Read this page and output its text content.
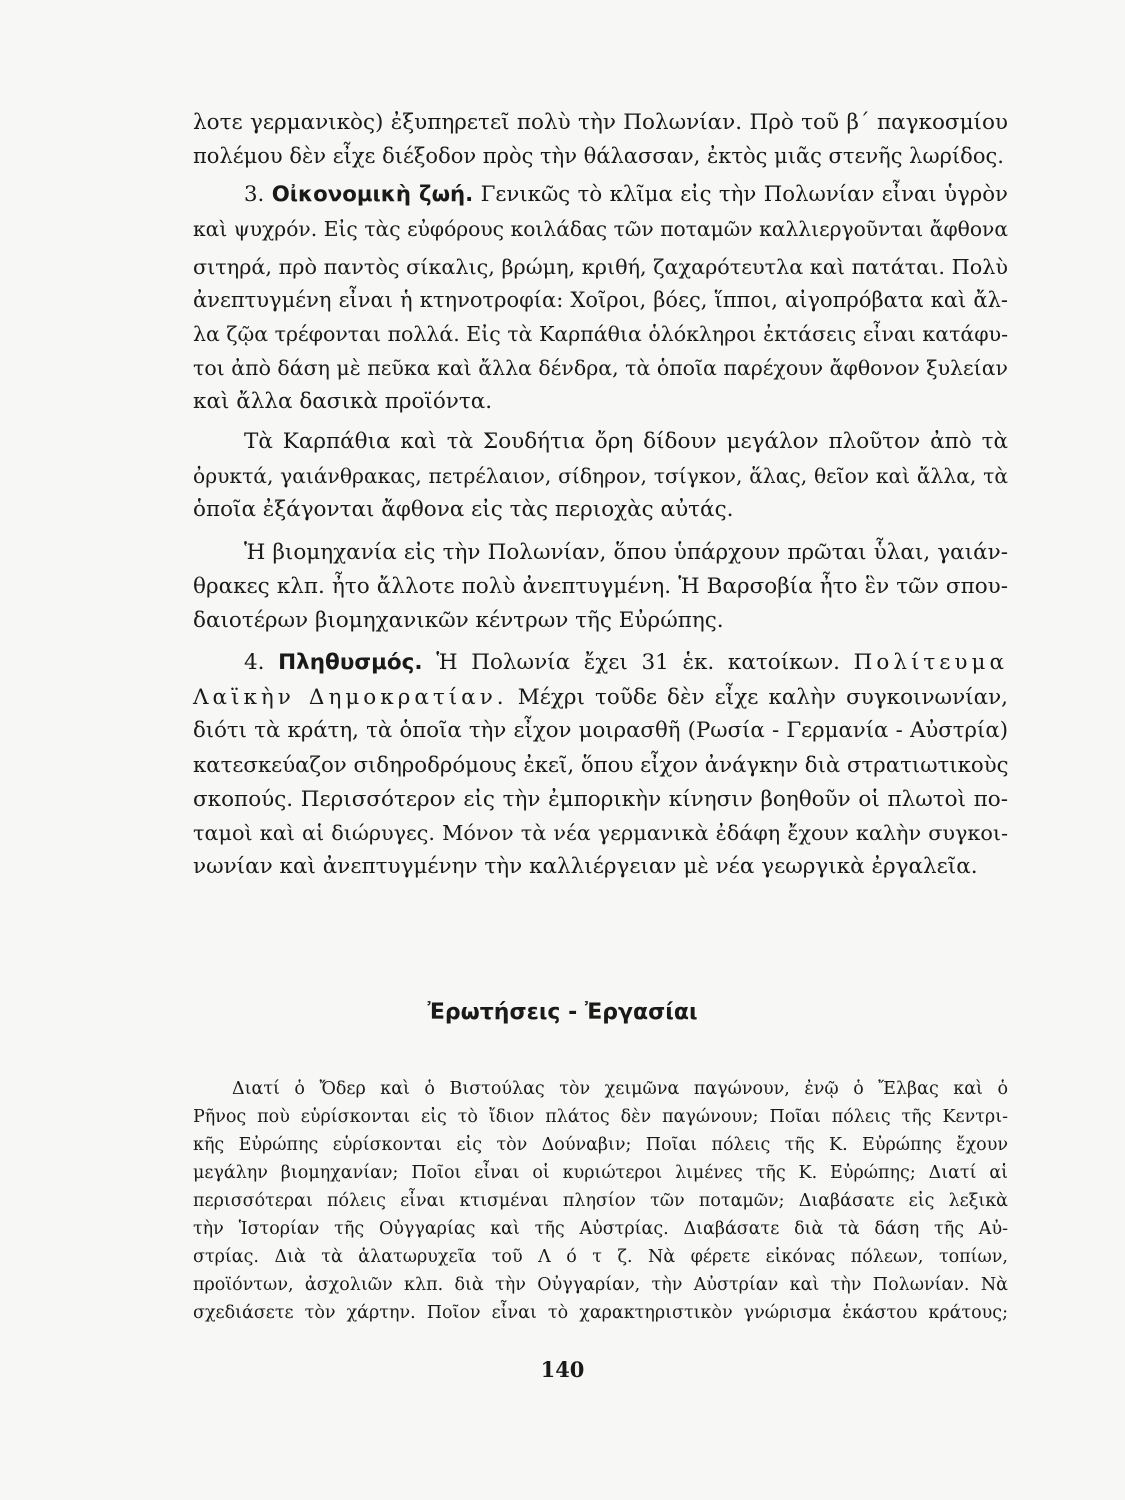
λοτε γερμανικὸς) ἐξυπηρετεῖ πολὺ τὴν Πολωνίαν. Πρὸ τοῦ β΄ παγκοσμίου
πολέμου δὲν εἶχε διέξοδον πρὸς τὴν θάλασσαν, ἐκτὸς μιᾶς στενῆς λωρίδος.
3. Οἰκονομικὴ ζωή. Γενικῶς τὸ κλῖμα εἰς τὴν Πολωνίαν εἶναι ὑγρὸν
καὶ ψυχρόν. Εἰς τὰς εὐφόρους κοιλάδας τῶν ποταμῶν καλλιεργοῦνται ἄφθονα
σιτηρά, πρὸ παντὸς σίκαλις, βρώμη, κριθή, ζαχαρότευτλα καὶ πατάται. Πολὺ
ἀνεπτυγμένη εἶναι ἡ κτηνοτροφία: Χοῖροι, βόες, ἵπποι, αἰγοπρόβατα καὶ ἄλ-
λα ζῷα τρέφονται πολλά. Εἰς τὰ Καρπάθια ὁλόκληροι ἐκτάσεις εἶναι κατάφυ-
τοι ἀπὸ δάση μὲ πεῦκα καὶ ἄλλα δένδρα, τὰ ὁποῖα παρέχουν ἄφθονον ξυλείαν
καὶ ἄλλα δασικὰ προϊόντα.
Τὰ Καρπάθια καὶ τὰ Σουδήτια ὄρη δίδουν μεγάλον πλοῦτον ἀπὸ τὰ
ὀρυκτά, γαιάνθρακας, πετρέλαιον, σίδηρον, τσίγκον, ἅλας, θεῖον καὶ ἄλλα, τὰ
ὁποῖα ἐξάγονται ἄφθονα εἰς τὰς περιοχὰς αὐτάς.
Ἡ βιομηχανία εἰς τὴν Πολωνίαν, ὅπου ὑπάρχουν πρῶται ὗλαι, γαιάν-
θρακες κλπ. ἦτο ἄλλοτε πολὺ ἀνεπτυγμένη. Ἡ Βαρσοβία ἦτο ἓν τῶν σπου-
δαιοτέρων βιομηχανικῶν κέντρων τῆς Εὐρώπης.
4. Πληθυσμός. Ἡ Πολωνία ἔχει 31 ἑκ. κατοίκων. Πολίτευμα
Λαϊκὴν Δημοκρατίαν. Μέχρι τοῦδε δὲν εἶχε καλὴν συγκοινωνίαν,
διότι τὰ κράτη, τὰ ὁποῖα τὴν εἶχον μοιρασθῆ (Ρωσία - Γερμανία - Αὐστρία)
κατεσκεύαζον σιδηροδρόμους ἐκεῖ, ὅπου εἶχον ἀνάγκην διὰ στρατιωτικοὺς
σκοπούς. Περισσότερον εἰς τὴν ἐμπορικὴν κίνησιν βοηθοῦν οἱ πλωτοὶ πο-
ταμοὶ καὶ αἱ διώρυγες. Μόνον τὰ νέα γερμανικὰ ἐδάφη ἔχουν καλὴν συγκοι-
νωνίαν καὶ ἀνεπτυγμένην τὴν καλλιέργειαν μὲ νέα γεωργικὰ ἐργαλεῖα.
Ἐρωτήσεις - Ἐργασίαι
Διατί ὁ Ὄδερ καὶ ὁ Βιστούλας τὸν χειμῶνα παγώνουν, ἐνῷ ὁ Ἔλβας καὶ ὁ
Ρῆνος ποὺ εὑρίσκονται εἰς τὸ ἴδιον πλάτος δὲν παγώνουν; Ποῖαι πόλεις τῆς Κεντρι-
κῆς Εὐρώπης εὑρίσκονται εἰς τὸν Δούναβιν; Ποῖαι πόλεις τῆς Κ. Εὐρώπης ἔχουν
μεγάλην βιομηχανίαν; Ποῖοι εἶναι οἱ κυριώτεροι λιμένες τῆς Κ. Εὐρώπης; Διατί αἱ
περισσότεραι πόλεις εἶναι κτισμέναι πλησίον τῶν ποταμῶν; Διαβάσατε εἰς λεξικὰ
τὴν Ἱστορίαν τῆς Οὐγγαρίας καὶ τῆς Αὐστρίας. Διαβάσατε διὰ τὰ δάση τῆς Αὐ-
στρίας. Διὰ τὰ ἁλατωρυχεῖα τοῦ Λ ό τ ζ. Νὰ φέρετε εἰκόνας πόλεων, τοπίων,
προϊόντων, ἀσχολιῶν κλπ. διὰ τὴν Οὐγγαρίαν, τὴν Αὐστρίαν καὶ τὴν Πολωνίαν. Νὰ
σχεδιάσετε τὸν χάρτην. Ποῖον εἶναι τὸ χαρακτηριστικὸν γνώρισμα ἑκάστου κράτους;
140
